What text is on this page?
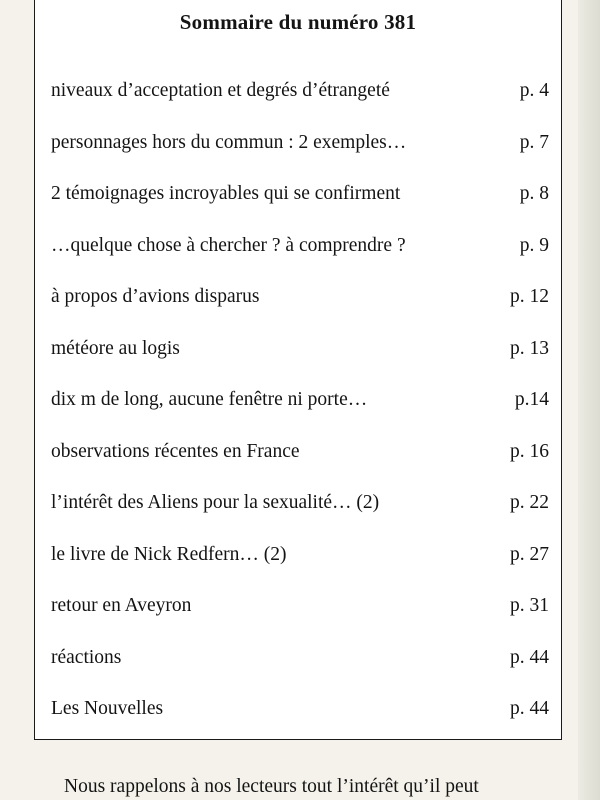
Sommaire du numéro 381
niveaux d’acceptation et degrés d’étrangeté	p. 4
personnages hors du commun : 2 exemples…	p. 7
2 témoignages incroyables qui se confirment	p. 8
…quelque chose à chercher ? à comprendre ?	p. 9
à propos d’avions disparus	p. 12
météore au logis	p. 13
dix m de long, aucune fenêtre ni porte…	p.14
observations récentes en France	p. 16
l’intérêt des Aliens pour la sexualité… (2)	p. 22
le livre de Nick Redfern… (2)	p. 27
retour en Aveyron	p. 31
réactions	p. 44
Les Nouvelles	p. 44
Nous rappelons à nos lecteurs tout l’intérêt qu’il peut
